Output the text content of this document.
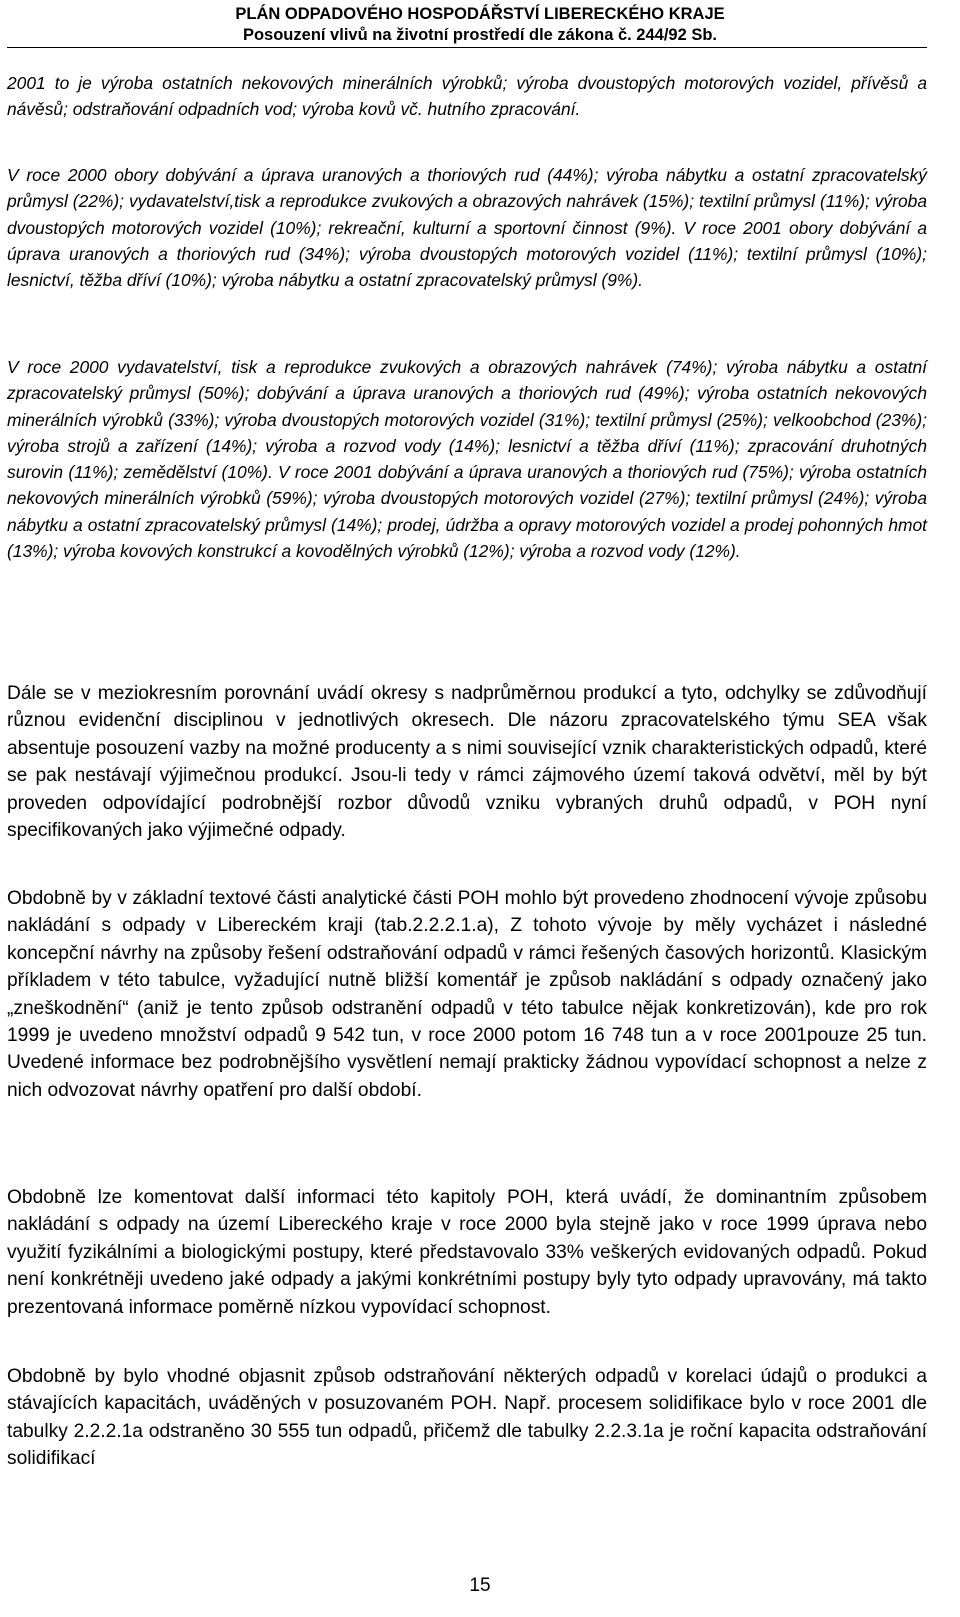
PLÁN ODPADOVÉHO HOSPODÁŘSTVÍ LIBERECKÉHO KRAJE
Posouzení vlivů na životní prostředí dle zákona č. 244/92 Sb.

2001 to je výroba ostatních nekovových minerálních výrobků; výroba dvoustopých motorových vozidel, přívěsů a návěsů; odstraňování odpadních vod; výroba kovů vč. hutního zpracování.

V roce 2000 obory dobývání a úprava uranových a thoriových rud (44%); výroba nábytku a ostatní zpracovatelský průmysl (22%); vydavatelství,tisk a reprodukce zvukových a obrazových nahrávek (15%); textilní průmysl (11%); výroba dvoustopých motorových vozidel (10%); rekreační, kulturní a sportovní činnost (9%). V roce 2001 obory dobývání a úprava uranových a thoriových rud (34%); výroba dvoustopých motorových vozidel (11%); textilní průmysl (10%); lesnictví, těžba dříví (10%); výroba nábytku a ostatní zpracovatelský průmysl (9%).

V roce 2000 vydavatelství, tisk a reprodukce zvukových a obrazových nahrávek (74%); výroba nábytku a ostatní zpracovatelský průmysl (50%); dobývání a úprava uranových a thoriových rud (49%); výroba ostatních nekovových minerálních výrobků (33%); výroba dvoustopých motorových vozidel (31%); textilní průmysl (25%); velkoobchod (23%); výroba strojů a zařízení (14%); výroba a rozvod vody (14%); lesnictví a těžba dříví (11%); zpracování druhotných surovin (11%); zemědělství (10%). V roce 2001 dobývání a úprava uranových a thoriových rud (75%); výroba ostatních nekovových minerálních výrobků (59%); výroba dvoustopých motorových vozidel (27%); textilní průmysl (24%); výroba nábytku a ostatní zpracovatelský průmysl (14%); prodej, údržba a opravy motorových vozidel a prodej pohonných hmot (13%); výroba kovových konstrukcí a kovodělných výrobků (12%); výroba a rozvod vody (12%).

Dále se v meziokresním porovnání uvádí okresy s nadprůměrnou produkcí a tyto, odchylky se zdůvodňují různou evidenční disciplinou v jednotlivých okresech. Dle názoru zpracovatelského týmu SEA však absentuje posouzení vazby na možné producenty a s nimi související vznik charakteristických odpadů, které se pak nestávají výjimečnou produkcí. Jsou-li tedy v rámci zájmového území taková odvětví, měl by být proveden odpovídající podrobnější rozbor důvodů vzniku vybraných druhů odpadů, v POH nyní specifikovaných jako výjimečné odpady.

Obdobně by v základní textové části analytické části POH mohlo být provedeno zhodnocení vývoje způsobu nakládání s odpady v Libereckém kraji (tab.2.2.2.1.a), Z tohoto vývoje by měly vycházet i následné koncepční návrhy na způsoby řešení odstraňování odpadů v rámci řešených časových horizontů. Klasickým příkladem v této tabulce, vyžadující nutně bližší komentář je způsob nakládání s odpady označený jako „zneškodnění“ (aniž je tento způsob odstranění odpadů v této tabulce nějak konkretizován), kde pro rok 1999 je uvedeno množství odpadů 9 542 tun, v roce 2000 potom 16 748 tun a v roce 2001pouze 25 tun. Uvedené informace bez podrobnějšího vysvětlení nemají prakticky žádnou vypovídací schopnost a nelze z nich odvozovat návrhy opatření pro další období.

Obdobně lze komentovat další informaci této kapitoly POH, která uvádí, že dominantním způsobem nakládání s odpady na území Libereckého kraje v roce 2000 byla stejně jako v roce 1999 úprava nebo využití fyzikálními a biologickými postupy, které představovalo 33% veškerých evidovaných odpadů. Pokud není konkrétněji uvedeno jaké odpady a jakými konkrétními postupy byly tyto odpady upravovány, má takto prezentovaná informace poměrně nízkou vypovídací schopnost.

Obdobně by bylo vhodné objasnit způsob odstraňování některých odpadů v korelaci údajů o produkci a stávajících kapacitách, uváděných v posuzovaném POH. Např. procesem solidifikace bylo v roce 2001 dle tabulky 2.2.2.1a odstraněno 30 555 tun odpadů, přičemž dle tabulky 2.2.3.1a je roční kapacita odstraňování solidifikací

15
